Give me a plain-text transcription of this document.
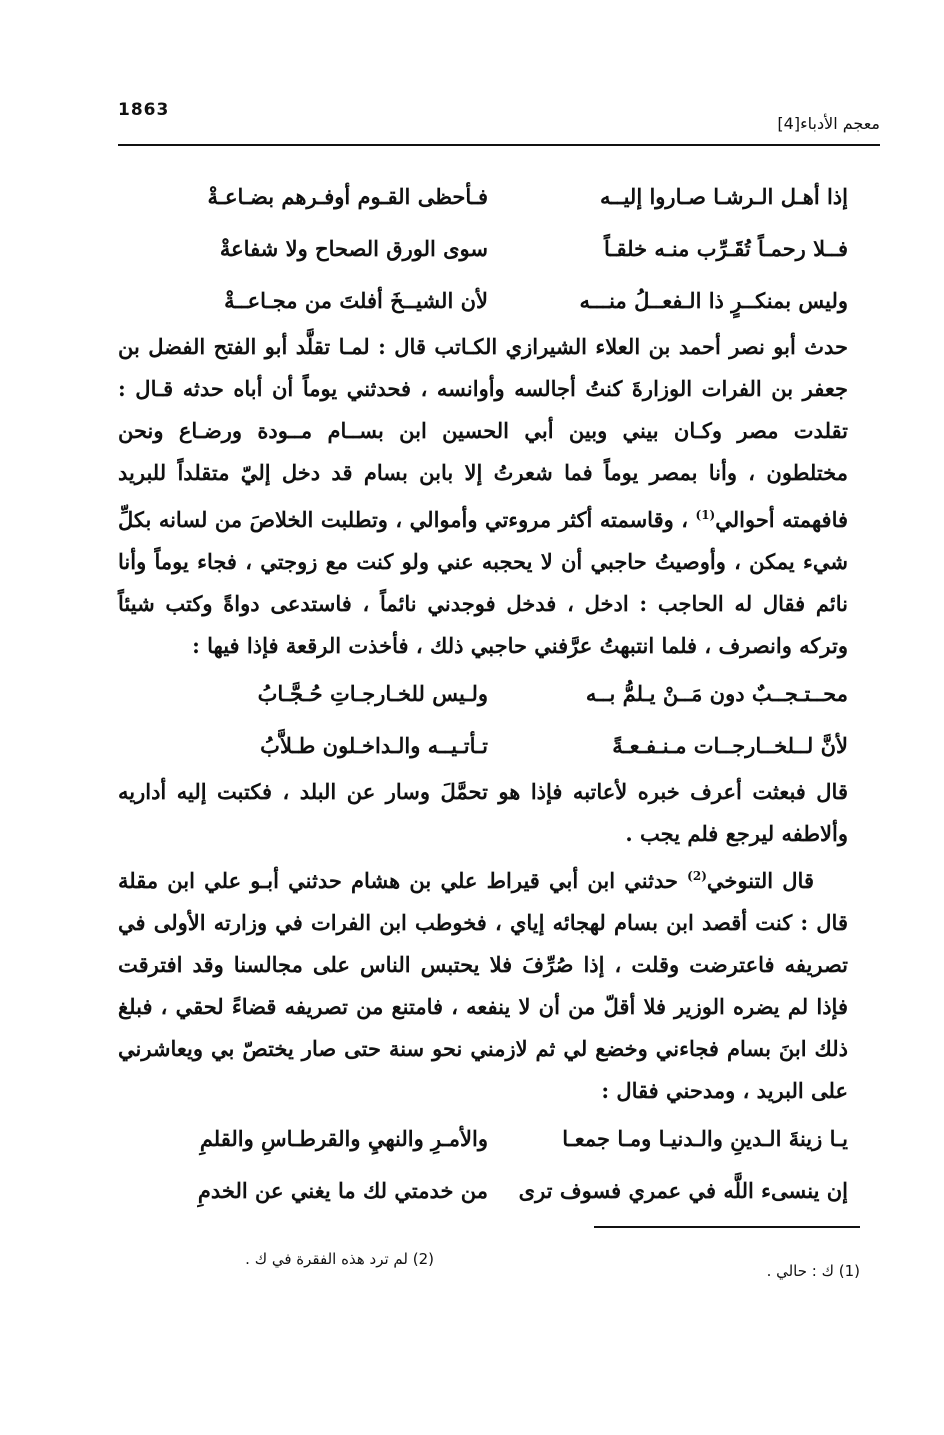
1863
معجم الأدباء[4]
إذا أهـل الـرشـا صـاروا إليــه
فـأحظى القـوم أوفـرهم بضـاعـةْ
فــلا رحمـاً تُقَـرِّب منـه خلقـاً
سوى الورق الصحاح ولا شفاعةْ
وليس بمنكــرٍ ذا الـفعــلُ منـــه
لأن الشيــخَ أفلتَ من مجـاعــةْ

حدث أبو نصر أحمد بن العلاء الشيرازي الكـاتب قال : لمـا تقلَّد أبو الفتح الفضل بن جعفر بن الفرات الوزارةَ كنتُ أجالسه وأوانسه ، فحدثني يوماً أن أباه حدثه قـال : تقلدت مصر وكـان بيني وبين أبي الحسين ابن بســام مــودة ورضـاع ونحن مختلطون ، وأنا بمصر يوماً فما شعرتُ إلا بابن بسام قد دخل إليّ متقلداً للبريد فافهمته أحوالي$^{(1)}$ ، وقاسمته أكثر مروءتي وأموالي ، وتطلبت الخلاصَ من لسانه بكلِّ شيء يمكن ، وأوصيتُ حاجبي أن لا يحجبه عني ولو كنت مع زوجتي ، فجاء يوماً وأنا نائم فقال له الحاجب : ادخل ، فدخل فوجدني نائماً ، فاستدعى دواةً وكتب شيئاً وتركه وانصرف ، فلما انتبهتُ عرَّفني حاجبي ذلك ، فأخذت الرقعة فإذا فيها :

محــتـجــبٌ دون مَــنْ يـلمُّ بــه
ولـيس للخـارجـاتِ حُـجَّـابُ
لأنَّ لــلخــارجــات مـنـفـعـةً
تـأتـيــه والـداخـلون طـلاَّبُ

قال فبعثت أعرف خبره لأعاتبه فإذا هو تحمَّلَ وسار عن البلد ، فكتبت إليه أداريه وألاطفه ليرجع فلم يجب .

قال التنوخي$^{(2)}$ حدثني ابن أبي قيراط علي بن هشام حدثني أبـو علي ابن مقلة قال : كنت أقصد ابن بسام لهجائه إياي ، فخوطب ابن الفرات في وزارته الأولى في تصريفه فاعترضت وقلت ، إذا صُرِّفَ فلا يحتبس الناس على مجالسنا وقد افترقت فإذا لم يضره الوزير فلا أقلّ من أن لا ينفعه ، فامتنع من تصريفه قضاءً لحقي ، فبلغ ذلك ابنَ بسام فجاءني وخضع لي ثم لازمني نحو سنة حتى صار يختصّ بي ويعاشرني على البريد ، ومدحني فقال :

يـا زينةَ الـدينِ والـدنيـا ومـا جمعـا
والأمـرِ والنهيِ والقرطـاسِ والقلمِ
إن ينسىء اللَّه في عمري فسوف ترى
من خدمتي لك ما يغني عن الخدمِ
(1) ك : حالي .
(2) لم ترد هذه الفقرة في ك .
